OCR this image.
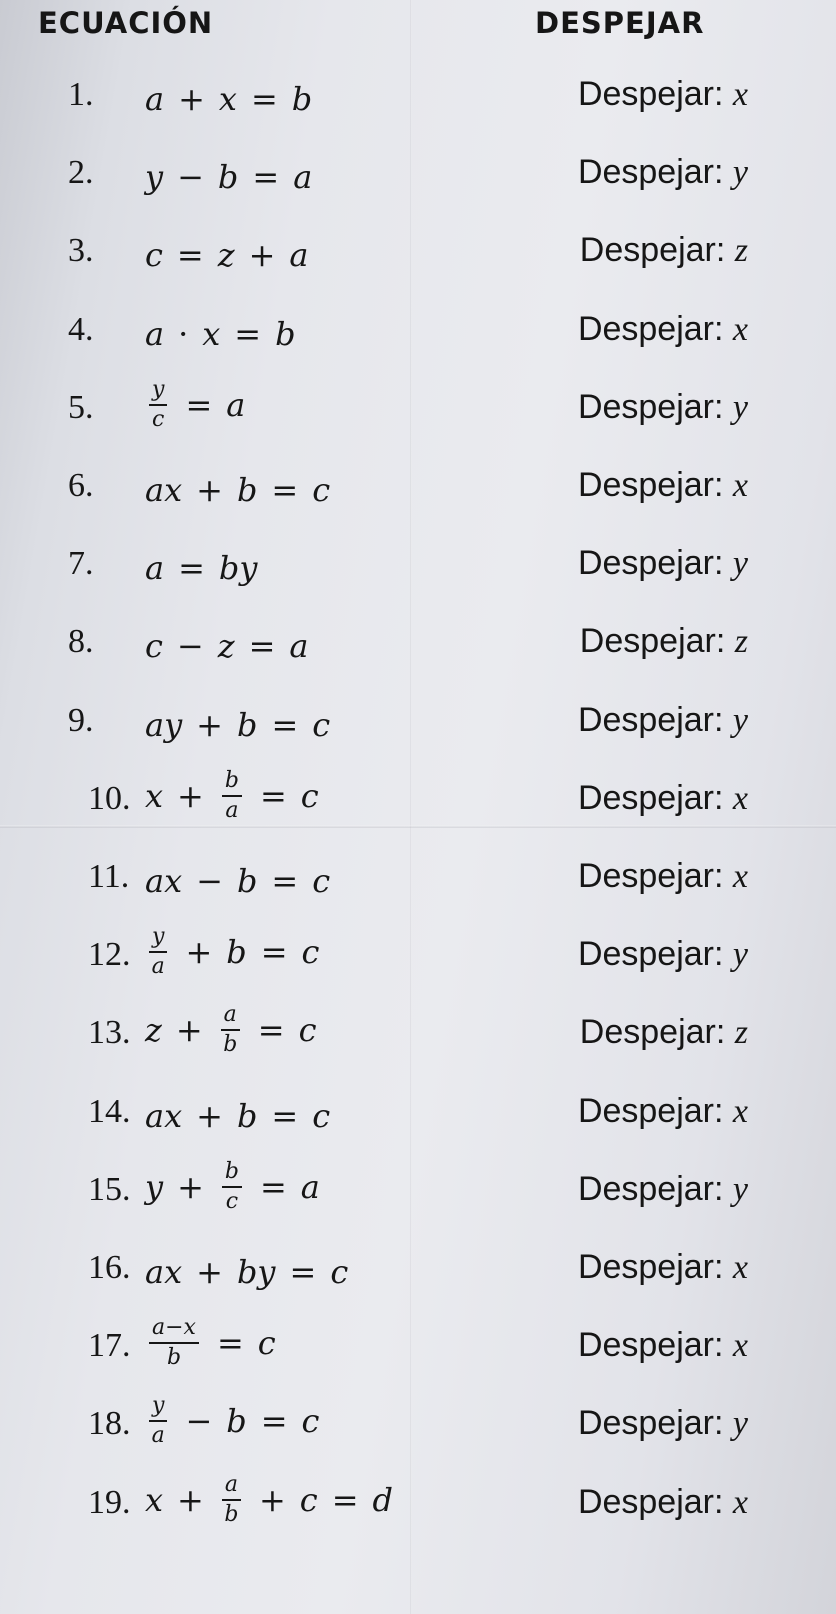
ECUACIÓN	DESPEJAR
1. a + x = b	Despejar: x
2. y − b = a	Despejar: y
3. c = z + a	Despejar: z
4. a · x = b	Despejar: x
5.	$\frac{y}{c} = a$	Despejar: y
6. ax + b = c	Despejar: x
7. a = by	Despejar: y
8. c − z = a	Despejar: z
9. ay + b = c	Despejar: y
10. $x + \frac{b}{a} = c$	Despejar: x
11. ax − b = c	Despejar: x
12. $\frac{y}{a} + b = c$	Despejar: y
13. $z + \frac{a}{b} = c$	Despejar: z
14. ax + b = c	Despejar: x
15. $y + \frac{b}{c} = a$	Despejar: y
16. ax + by = c	Despejar: x
17. $\frac{a-x}{b} = c$	Despejar: x
18. $\frac{y}{a} - b = c$	Despejar: y
19. $x + \frac{a}{b} + c = d$	Despejar: x
